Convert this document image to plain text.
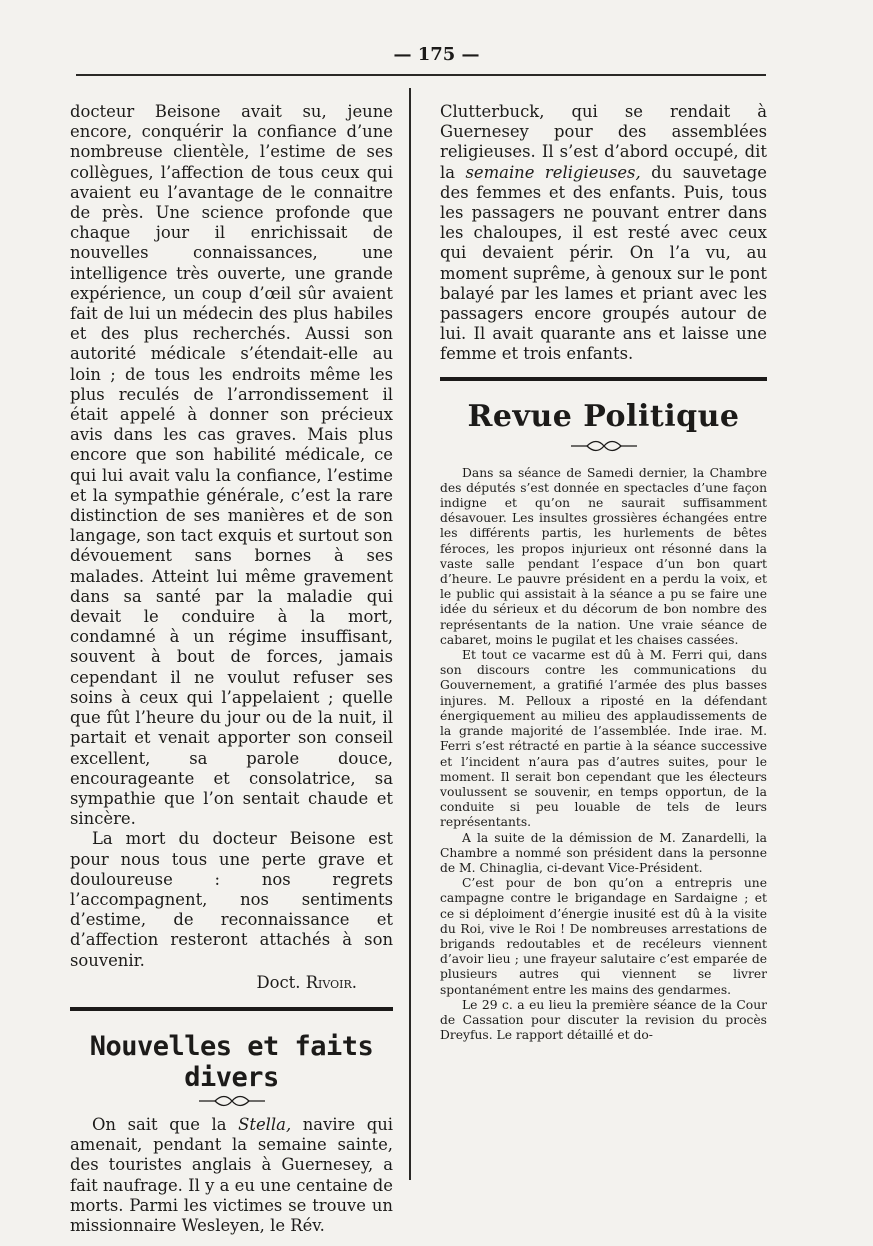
— 175 —

docteur Beisone avait su, jeune encore, conquérir la confiance d’une nombreuse clientèle, l’estime de ses collègues, l’affection de tous ceux qui avaient eu l’avantage de le connaitre de près. Une science profonde que chaque jour il enrichissait de nouvelles connaissances, une intelligence très ouverte, une grande expérience, un coup d’œil sûr avaient fait de lui un médecin des plus habiles et des plus recherchés. Aussi son autorité médicale s’étendait-elle au loin ; de tous les endroits même les plus reculés de l’arrondissement il était appelé à donner son précieux avis dans les cas graves. Mais plus encore que son habilité médicale, ce qui lui avait valu la confiance, l’estime et la sympathie générale, c’est la rare distinction de ses manières et de son langage, son tact exquis et surtout son dévouement sans bornes à ses malades. Atteint lui même gravement dans sa santé par la maladie qui devait le conduire à la mort, condamné à un régime insuffisant, souvent à bout de forces, jamais cependant il ne voulut refuser ses soins à ceux qui l’appelaient ; quelle que fût l’heure du jour ou de la nuit, il partait et venait apporter son conseil excellent, sa parole douce, encourageante et consolatrice, sa sympathie que l’on sentait chaude et sincère.

La mort du docteur Beisone est pour nous tous une perte grave et douloureuse : nos regrets l’accompagnent, nos sentiments d’estime, de reconnaissance et d’affection resteront attachés à son souvenir.

Doct. Rivoir.

Nouvelles et faits divers

On sait que la Stella, navire qui amenait, pendant la semaine sainte, des touristes anglais à Guernesey, a fait naufrage. Il y a eu une centaine de morts. Parmi les victimes se trouve un missionnaire Wesleyen, le Rév.

Clutterbuck, qui se rendait à Guernesey pour des assemblées religieuses. Il s’est d’abord occupé, dit la semaine religieuses, du sauvetage des femmes et des enfants. Puis, tous les passagers ne pouvant entrer dans les chaloupes, il est resté avec ceux qui devaient périr. On l’a vu, au moment suprême, à genoux sur le pont balayé par les lames et priant avec les passagers encore groupés autour de lui. Il avait quarante ans et laisse une femme et trois enfants.

Revue Politique

Dans sa séance de Samedi dernier, la Chambre des députés s’est donnée en spectacles d’une façon indigne et qu’on ne saurait suffisamment désavouer. Les insultes grossières échangées entre les différents partis, les hurlements de bêtes féroces, les propos injurieux ont résonné dans la vaste salle pendant l’espace d’un bon quart d’heure. Le pauvre président en a perdu la voix, et le public qui assistait à la séance a pu se faire une idée du sérieux et du décorum de bon nombre des représentants de la nation. Une vraie séance de cabaret, moins le pugilat et les chaises cassées.

Et tout ce vacarme est dû à M. Ferri qui, dans son discours contre les communications du Gouvernement, a gratifié l’armée des plus basses injures. M. Pelloux a riposté en la défendant énergiquement au milieu des applaudissements de la grande majorité de l’assemblée. Inde irae. M. Ferri s’est rétracté en partie à la séance successive et l’incident n’aura pas d’autres suites, pour le moment. Il serait bon cependant que les électeurs voulussent se souvenir, en temps opportun, de la conduite si peu louable de tels de leurs représentants.

A la suite de la démission de M. Zanardelli, la Chambre a nommé son président dans la personne de M. Chinaglia, ci-devant Vice-Président.

C’est pour de bon qu’on a entrepris une campagne contre le brigandage en Sardaigne ; et ce si déploiment d’énergie inusité est dû à la visite du Roi, vive le Roi ! De nombreuses arrestations de brigands redoutables et de recéleurs viennent d’avoir lieu ; une frayeur salutaire c’est emparée de plusieurs autres qui viennent se livrer spontanément entre les mains des gendarmes.

Le 29 c. a eu lieu la première séance de la Cour de Cassation pour discuter la revision du procès Dreyfus. Le rapport détaillé et do-
